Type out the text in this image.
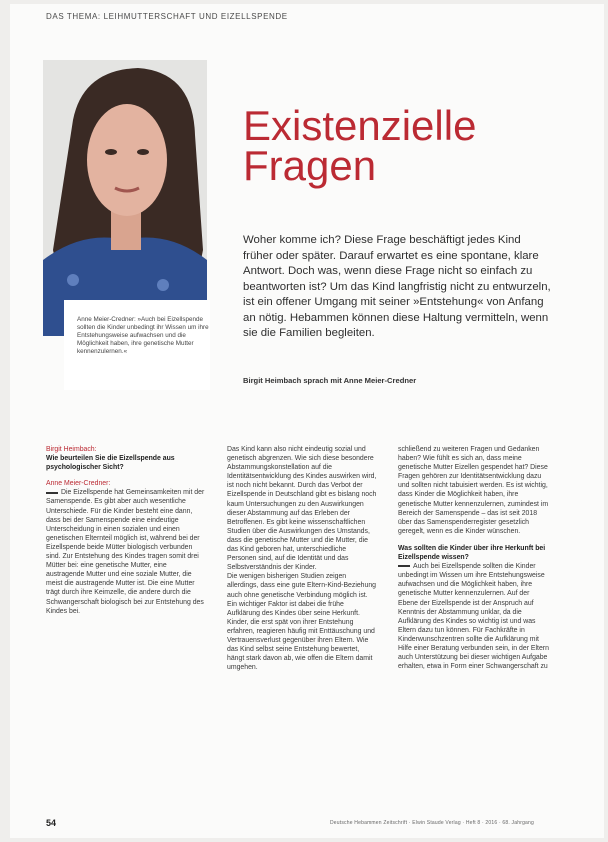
DAS THEMA: LEIHMUTTERSCHAFT UND EIZELLSPENDE
Anne Meier-Credner: »Auch bei Eizellspende sollten die Kinder unbedingt ihr Wissen um ihre Entstehungsweise aufwachsen und die Möglichkeit haben, ihre genetische Mutter kennenzulernen.«
Existenzielle
Fragen

Woher komme ich? Diese Frage beschäftigt jedes Kind früher oder später. Darauf erwartet es eine spontane, klare Antwort. Doch was, wenn diese Frage nicht so einfach zu beantworten ist? Um das Kind langfristig nicht zu entwurzeln, ist ein offener Umgang mit seiner »Entstehung« von Anfang an nötig. Hebammen können diese Haltung vermitteln, wenn sie die Familien begleiten.

Birgit Heimbach sprach mit Anne Meier-Credner

Birgit Heimbach:

Wie beurteilen Sie die Eizellspende aus psychologischer Sicht?

Anne Meier-Credner:

Die Eizellspende hat Gemeinsamkeiten mit der Samenspende. Es gibt aber auch wesentliche Unterschiede. Für die Kinder besteht eine dann, dass bei der Samenspende eine eindeutige Unterscheidung in einen sozialen und einen genetischen Elternteil möglich ist, während bei der Eizellspende beide Mütter biologisch verbunden sind. Zur Entstehung des Kindes tragen somit drei Mütter bei: eine genetische Mutter, eine austragende Mutter und eine soziale Mutter, die meist die austragende Mutter ist. Die eine Mutter trägt durch ihre Keimzelle, die andere durch die Schwangerschaft biologisch bei zur Entstehung des Kindes bei.

Das Kind kann also nicht eindeutig sozial und genetisch abgrenzen. Wie sich diese besondere Abstammungskonstellation auf die Identitätsentwicklung des Kindes auswirken wird, ist noch nicht bekannt. Durch das Verbot der Eizellspende in Deutschland gibt es bislang noch kaum Untersuchungen zu den Auswirkungen dieser Abstammung auf das Erleben der Betroffenen. Es gibt keine wissenschaftlichen Studien über die Auswirkungen des Umstands, dass die genetische Mutter und die Mutter, die das Kind geboren hat, unterschiedliche Personen sind, auf die Identität und das Selbstverständnis der Kinder.

Die wenigen bisherigen Studien zeigen allerdings, dass eine gute Eltern-Kind-Beziehung auch ohne genetische Verbindung möglich ist. Ein wichtiger Faktor ist dabei die frühe Aufklärung des Kindes über seine Herkunft. Kinder, die erst spät von ihrer Entstehung erfahren, reagieren häufig mit Enttäuschung und Vertrauensverlust gegenüber ihren Eltern. Wie das Kind selbst seine Entstehung bewertet, hängt stark davon ab, wie offen die Eltern damit umgehen.

schließend zu weiteren Fragen und Gedanken haben? Wie fühlt es sich an, dass meine genetische Mutter Eizellen gespendet hat? Diese Fragen gehören zur Identitätsentwicklung dazu und sollten nicht tabuisiert werden. Es ist wichtig, dass Kinder die Möglichkeit haben, ihre genetische Mutter kennenzulernen, zumindest im Bereich der Samenspende – das ist seit 2018 über das Samenspenderregister gesetzlich geregelt, wenn es die Kinder wünschen.

Was sollten die Kinder über ihre Herkunft bei Eizellspende wissen?

Auch bei Eizellspende sollten die Kinder unbedingt im Wissen um ihre Entstehungsweise aufwachsen und die Möglichkeit haben, ihre genetische Mutter kennenzulernen. Auf der Ebene der Eizellspende ist der Anspruch auf Kenntnis der Abstammung unklar, da die Aufklärung des Kindes so wichtig ist und was Eltern dazu tun können. Für Fachkräfte in Kinderwunschzentren sollte die Aufklärung mit Hilfe einer Beratung verbunden sein, in der Eltern auch Unterstützung bei dieser wichtigen Aufgabe erhalten, etwa in Form einer Schwangerschaft zu

54	Deutsche Hebammen Zeitschrift · Elwin Staude Verlag · Heft 8 · 2016 · 68. Jahrgang
